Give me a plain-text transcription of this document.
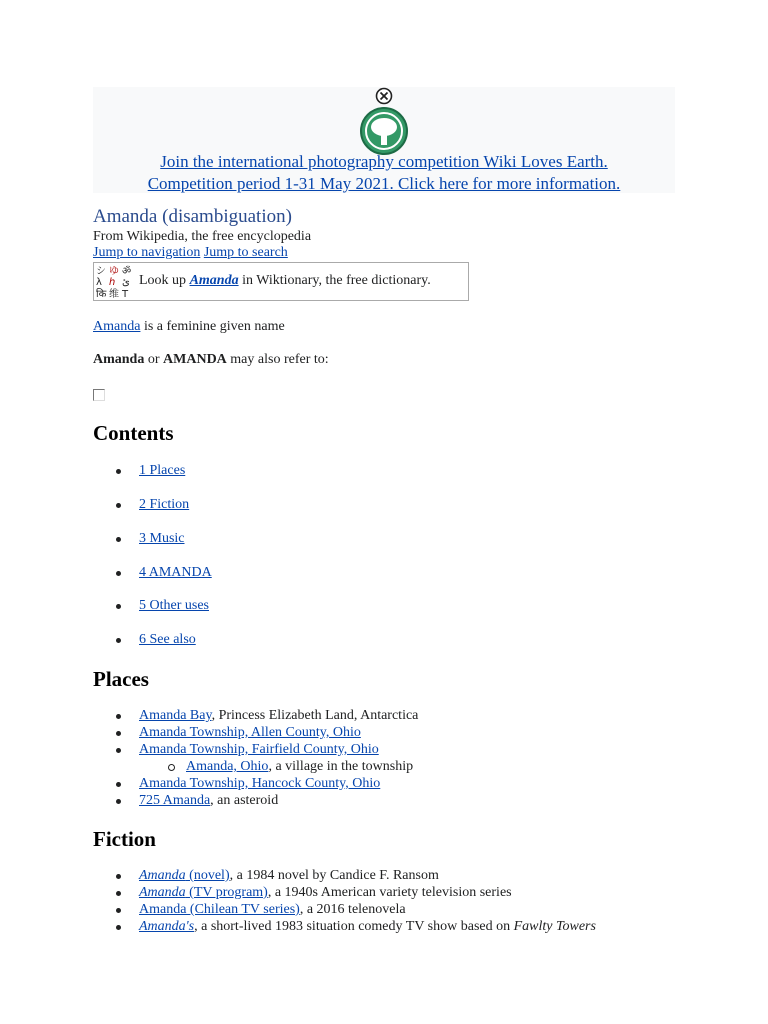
Join the international photography competition Wiki Loves Earth.
Competition period 1-31 May 2021. Click here for more information.
Amanda (disambiguation)
From Wikipedia, the free encyclopedia
Jump to navigation Jump to search
シ ゆ ॐ
λ ℎ ئ
कि 维 T
Look up Amanda in Wiktionary, the free dictionary.
Amanda is a feminine given name
Amanda or AMANDA may also refer to:
Contents
1 Places
2 Fiction
3 Music
4 AMANDA
5 Other uses
6 See also
Places
Amanda Bay, Princess Elizabeth Land, Antarctica
Amanda Township, Allen County, Ohio
Amanda Township, Fairfield County, Ohio
Amanda, Ohio, a village in the township
Amanda Township, Hancock County, Ohio
725 Amanda, an asteroid
Fiction
Amanda (novel), a 1984 novel by Candice F. Ransom
Amanda (TV program), a 1940s American variety television series
Amanda (Chilean TV series), a 2016 telenovela
Amanda's, a short-lived 1983 situation comedy TV show based on Fawlty Towers
